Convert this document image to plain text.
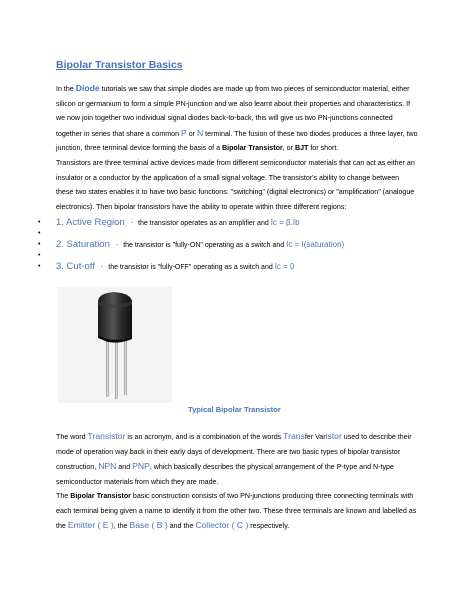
Bipolar Transistor Basics

In the Diode tutorials we saw that simple diodes are made up from two pieces of semiconductor material, either silicon or germanium to form a simple PN-junction and we also learnt about their properties and characteristics. If we now join together two individual signal diodes back-to-back, this will give us two PN-junctions connected together in series that share a common P or N terminal. The fusion of these two diodes produces a three layer, two junction, three terminal device forming the basis of a Bipolar Transistor, or BJT for short.

Transistors are three terminal active devices made from different semiconductor materials that can act as either an insulator or a conductor by the application of a small signal voltage. The transistor's ability to change between these two states enables it to have two basic functions: "switching" (digital electronics) or "amplification" (analogue electronics). Then bipolar transistors have the ability to operate within three different regions:

• 1. Active Region - the transistor operates as an amplifier and Ic = β.Ib
•
• 2. Saturation - the transistor is "fully-ON" operating as a switch and Ic = I(saturation)
•
• 3. Cut-off - the transistor is "fully-OFF" operating as a switch and Ic = 0
Typical Bipolar Transistor

The word Transistor is an acronym, and is a combination of the words Transfer Varistor used to describe their mode of operation way back in their early days of development. There are two basic types of bipolar transistor construction, NPN and PNP, which basically describes the physical arrangement of the P-type and N-type semiconductor materials from which they are made.

The Bipolar Transistor basic construction consists of two PN-junctions producing three connecting terminals with each terminal being given a name to identify it from the other two. These three terminals are known and labelled as the Emitter ( E ), the Base ( B ) and the Collector ( C ) respectively.
